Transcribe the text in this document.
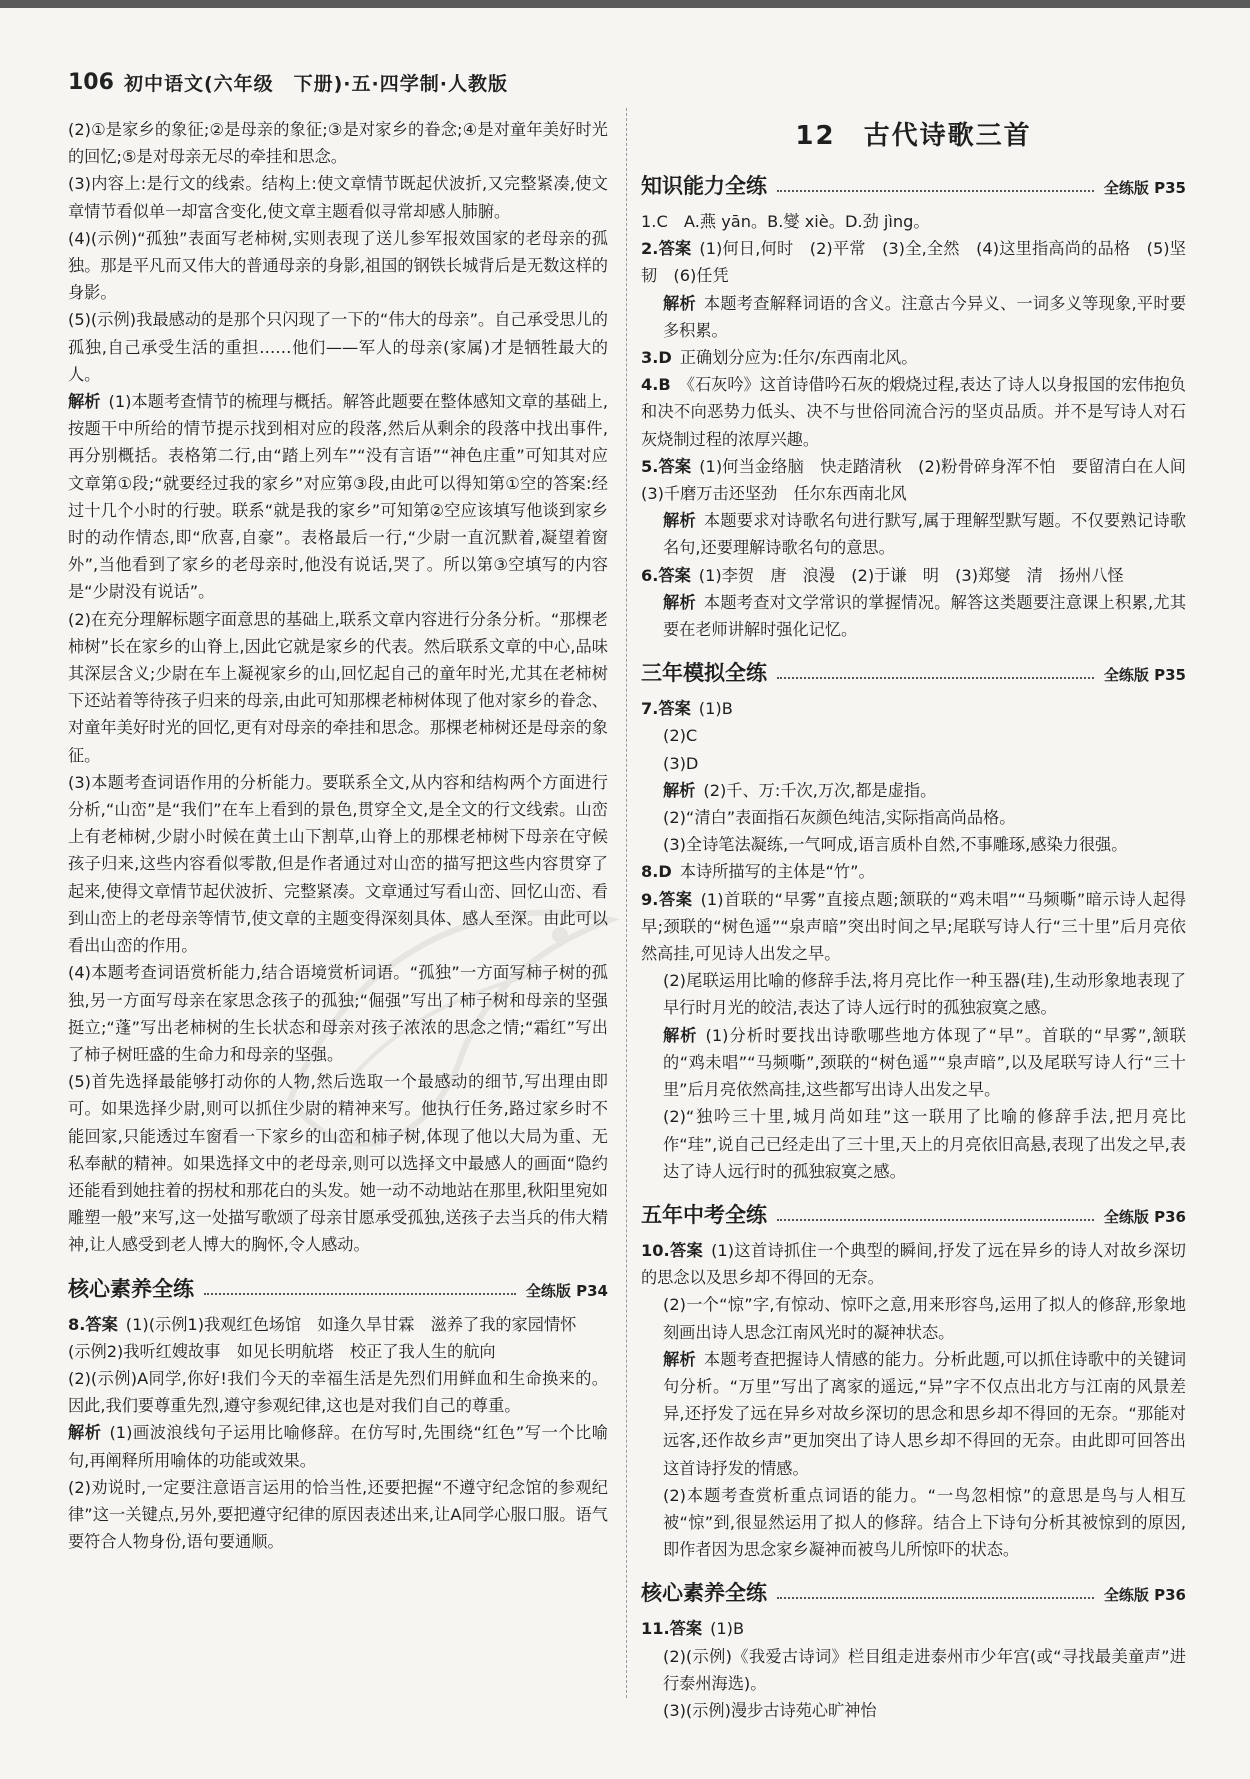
106 初中语文(六年级　下册)·五·四学制·人教版

(2)①是家乡的象征;②是母亲的象征;③是对家乡的眷念;④是对童年美好时光的回忆;⑤是对母亲无尽的牵挂和思念。

(3)内容上:是行文的线索。结构上:使文章情节既起伏波折,又完整紧凑,使文章情节看似单一却富含变化,使文章主题看似寻常却感人肺腑。

(4)(示例)“孤独”表面写老柿树,实则表现了送儿参军报效国家的老母亲的孤独。那是平凡而又伟大的普通母亲的身影,祖国的钢铁长城背后是无数这样的身影。

(5)(示例)我最感动的是那个只闪现了一下的“伟大的母亲”。自己承受思儿的孤独,自己承受生活的重担……他们——军人的母亲(家属)才是牺牲最大的人。

解析 (1)本题考查情节的梳理与概括。解答此题要在整体感知文章的基础上,按题干中所给的情节提示找到相对应的段落,然后从剩余的段落中找出事件,再分别概括。表格第二行,由“踏上列车”“没有言语”“神色庄重”可知其对应文章第①段;“就要经过我的家乡”对应第③段,由此可以得知第①空的答案:经过十几个小时的行驶。联系“就是我的家乡”可知第②空应该填写他谈到家乡时的动作情态,即“欣喜,自豪”。表格最后一行,“少尉一直沉默着,凝望着窗外”,当他看到了家乡的老母亲时,他没有说话,哭了。所以第③空填写的内容是“少尉没有说话”。

(2)在充分理解标题字面意思的基础上,联系文章内容进行分条分析。“那棵老柿树”长在家乡的山脊上,因此它就是家乡的代表。然后联系文章的中心,品味其深层含义;少尉在车上凝视家乡的山,回忆起自己的童年时光,尤其在老柿树下还站着等待孩子归来的母亲,由此可知那棵老柿树体现了他对家乡的眷念、对童年美好时光的回忆,更有对母亲的牵挂和思念。那棵老柿树还是母亲的象征。

(3)本题考查词语作用的分析能力。要联系全文,从内容和结构两个方面进行分析,“山峦”是“我们”在车上看到的景色,贯穿全文,是全文的行文线索。山峦上有老柿树,少尉小时候在黄土山下割草,山脊上的那棵老柿树下母亲在守候孩子归来,这些内容看似零散,但是作者通过对山峦的描写把这些内容贯穿了起来,使得文章情节起伏波折、完整紧凑。文章通过写看山峦、回忆山峦、看到山峦上的老母亲等情节,使文章的主题变得深刻具体、感人至深。由此可以看出山峦的作用。

(4)本题考查词语赏析能力,结合语境赏析词语。“孤独”一方面写柿子树的孤独,另一方面写母亲在家思念孩子的孤独;“倔强”写出了柿子树和母亲的坚强挺立;“蓬”写出老柿树的生长状态和母亲对孩子浓浓的思念之情;“霜红”写出了柿子树旺盛的生命力和母亲的坚强。

(5)首先选择最能够打动你的人物,然后选取一个最感动的细节,写出理由即可。如果选择少尉,则可以抓住少尉的精神来写。他执行任务,路过家乡时不能回家,只能透过车窗看一下家乡的山峦和柿子树,体现了他以大局为重、无私奉献的精神。如果选择文中的老母亲,则可以选择文中最感人的画面“隐约还能看到她拄着的拐杖和那花白的头发。她一动不动地站在那里,秋阳里宛如雕塑一般”来写,这一处描写歌颂了母亲甘愿承受孤独,送孩子去当兵的伟大精神,让人感受到老人博大的胸怀,令人感动。

核心素养全练	全练版 P34

8.答案 (1)(示例1)我观红色场馆　如逢久旱甘霖　滋养了我的家园情怀

(示例2)我听红嫂故事　如见长明航塔　校正了我人生的航向

(2)(示例)A同学,你好!我们今天的幸福生活是先烈们用鲜血和生命换来的。因此,我们要尊重先烈,遵守参观纪律,这也是对我们自己的尊重。

解析 (1)画波浪线句子运用比喻修辞。在仿写时,先围绕“红色”写一个比喻句,再阐释所用喻体的功能或效果。

(2)劝说时,一定要注意语言运用的恰当性,还要把握“不遵守纪念馆的参观纪律”这一关键点,另外,要把遵守纪律的原因表述出来,让A同学心服口服。语气要符合人物身份,语句要通顺。

12　古代诗歌三首
知识能力全练	全练版 P35

1.C　A.燕 yān。B.燮 xiè。D.劲 jìng。

2.答案 (1)何日,何时　(2)平常　(3)全,全然　(4)这里指高尚的品格　(5)坚韧　(6)任凭

解析 本题考查解释词语的含义。注意古今异义、一词多义等现象,平时要多积累。

3.D 正确划分应为:任尔/东西南北风。

4.B 《石灰吟》这首诗借吟石灰的煅烧过程,表达了诗人以身报国的宏伟抱负和决不向恶势力低头、决不与世俗同流合污的坚贞品质。并不是写诗人对石灰烧制过程的浓厚兴趣。

5.答案 (1)何当金络脑　快走踏清秋　(2)粉骨碎身浑不怕　要留清白在人间　(3)千磨万击还坚劲　任尔东西南北风

解析 本题要求对诗歌名句进行默写,属于理解型默写题。不仅要熟记诗歌名句,还要理解诗歌名句的意思。

6.答案 (1)李贺　唐　浪漫　(2)于谦　明　(3)郑燮　清　扬州八怪

解析 本题考查对文学常识的掌握情况。解答这类题要注意课上积累,尤其要在老师讲解时强化记忆。

三年模拟全练	全练版 P35

7.答案 (1)B

(2)C

(3)D

解析 (2)千、万:千次,万次,都是虚指。

(2)“清白”表面指石灰颜色纯洁,实际指高尚品格。

(3)全诗笔法凝练,一气呵成,语言质朴自然,不事雕琢,感染力很强。

8.D 本诗所描写的主体是“竹”。

9.答案 (1)首联的“早雾”直接点题;颔联的“鸡未唱”“马频嘶”暗示诗人起得早;颈联的“树色遥”“泉声暗”突出时间之早;尾联写诗人行“三十里”后月亮依然高挂,可见诗人出发之早。

(2)尾联运用比喻的修辞手法,将月亮比作一种玉器(珪),生动形象地表现了早行时月光的皎洁,表达了诗人远行时的孤独寂寞之感。

解析 (1)分析时要找出诗歌哪些地方体现了“早”。首联的“早雾”,颔联的“鸡未唱”“马频嘶”,颈联的“树色遥”“泉声暗”,以及尾联写诗人行“三十里”后月亮依然高挂,这些都写出诗人出发之早。

(2)“独吟三十里,城月尚如珪”这一联用了比喻的修辞手法,把月亮比作“珪”,说自己已经走出了三十里,天上的月亮依旧高悬,表现了出发之早,表达了诗人远行时的孤独寂寞之感。

五年中考全练	全练版 P36

10.答案 (1)这首诗抓住一个典型的瞬间,抒发了远在异乡的诗人对故乡深切的思念以及思乡却不得回的无奈。

(2)一个“惊”字,有惊动、惊吓之意,用来形容鸟,运用了拟人的修辞,形象地刻画出诗人思念江南风光时的凝神状态。

解析 本题考查把握诗人情感的能力。分析此题,可以抓住诗歌中的关键词句分析。“万里”写出了离家的遥远,“异”字不仅点出北方与江南的风景差异,还抒发了远在异乡对故乡深切的思念和思乡却不得回的无奈。“那能对远客,还作故乡声”更加突出了诗人思乡却不得回的无奈。由此即可回答出这首诗抒发的情感。

(2)本题考查赏析重点词语的能力。“一鸟忽相惊”的意思是鸟与人相互被“惊”到,很显然运用了拟人的修辞。结合上下诗句分析其被惊到的原因,即作者因为思念家乡凝神而被鸟儿所惊吓的状态。

核心素养全练	全练版 P36

11.答案 (1)B

(2)(示例)《我爱古诗词》栏目组走进泰州市少年宫(或“寻找最美童声”进行泰州海选)。

(3)(示例)漫步古诗苑心旷神怡
